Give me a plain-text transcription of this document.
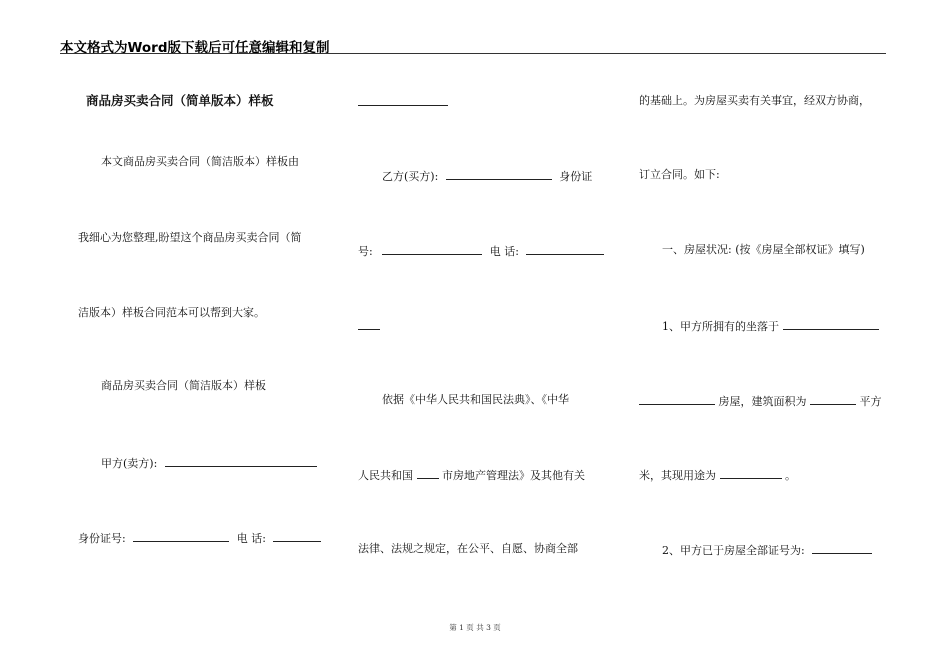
本文格式为Word版下载后可任意编辑和复制
商品房买卖合同（简单版本）样板
本文商品房买卖合同（简洁版本）样板由
我细心为您整理,盼望这个商品房买卖合同（简
洁版本）样板合同范本可以帮到大家。
商品房买卖合同（简洁版本）样板
甲方(卖方):
身份证号:	电 话:
乙方(买方):	身份证
号:	电 话:
依据《中华人民共和国民法典》、《中华
人民共和国	市房地产管理法》及其他有关
法律、法规之规定，在公平、自愿、协商全部
的基础上。为房屋买卖有关事宜，经双方协商，
订立合同。如下:
一、房屋状况: (按《房屋全部权证》填写)
1、甲方所拥有的坐落于
房屋，建筑面积为	平方
米，其现用途为	。
2、甲方已于房屋全部证号为:
第 1 页 共 3 页
